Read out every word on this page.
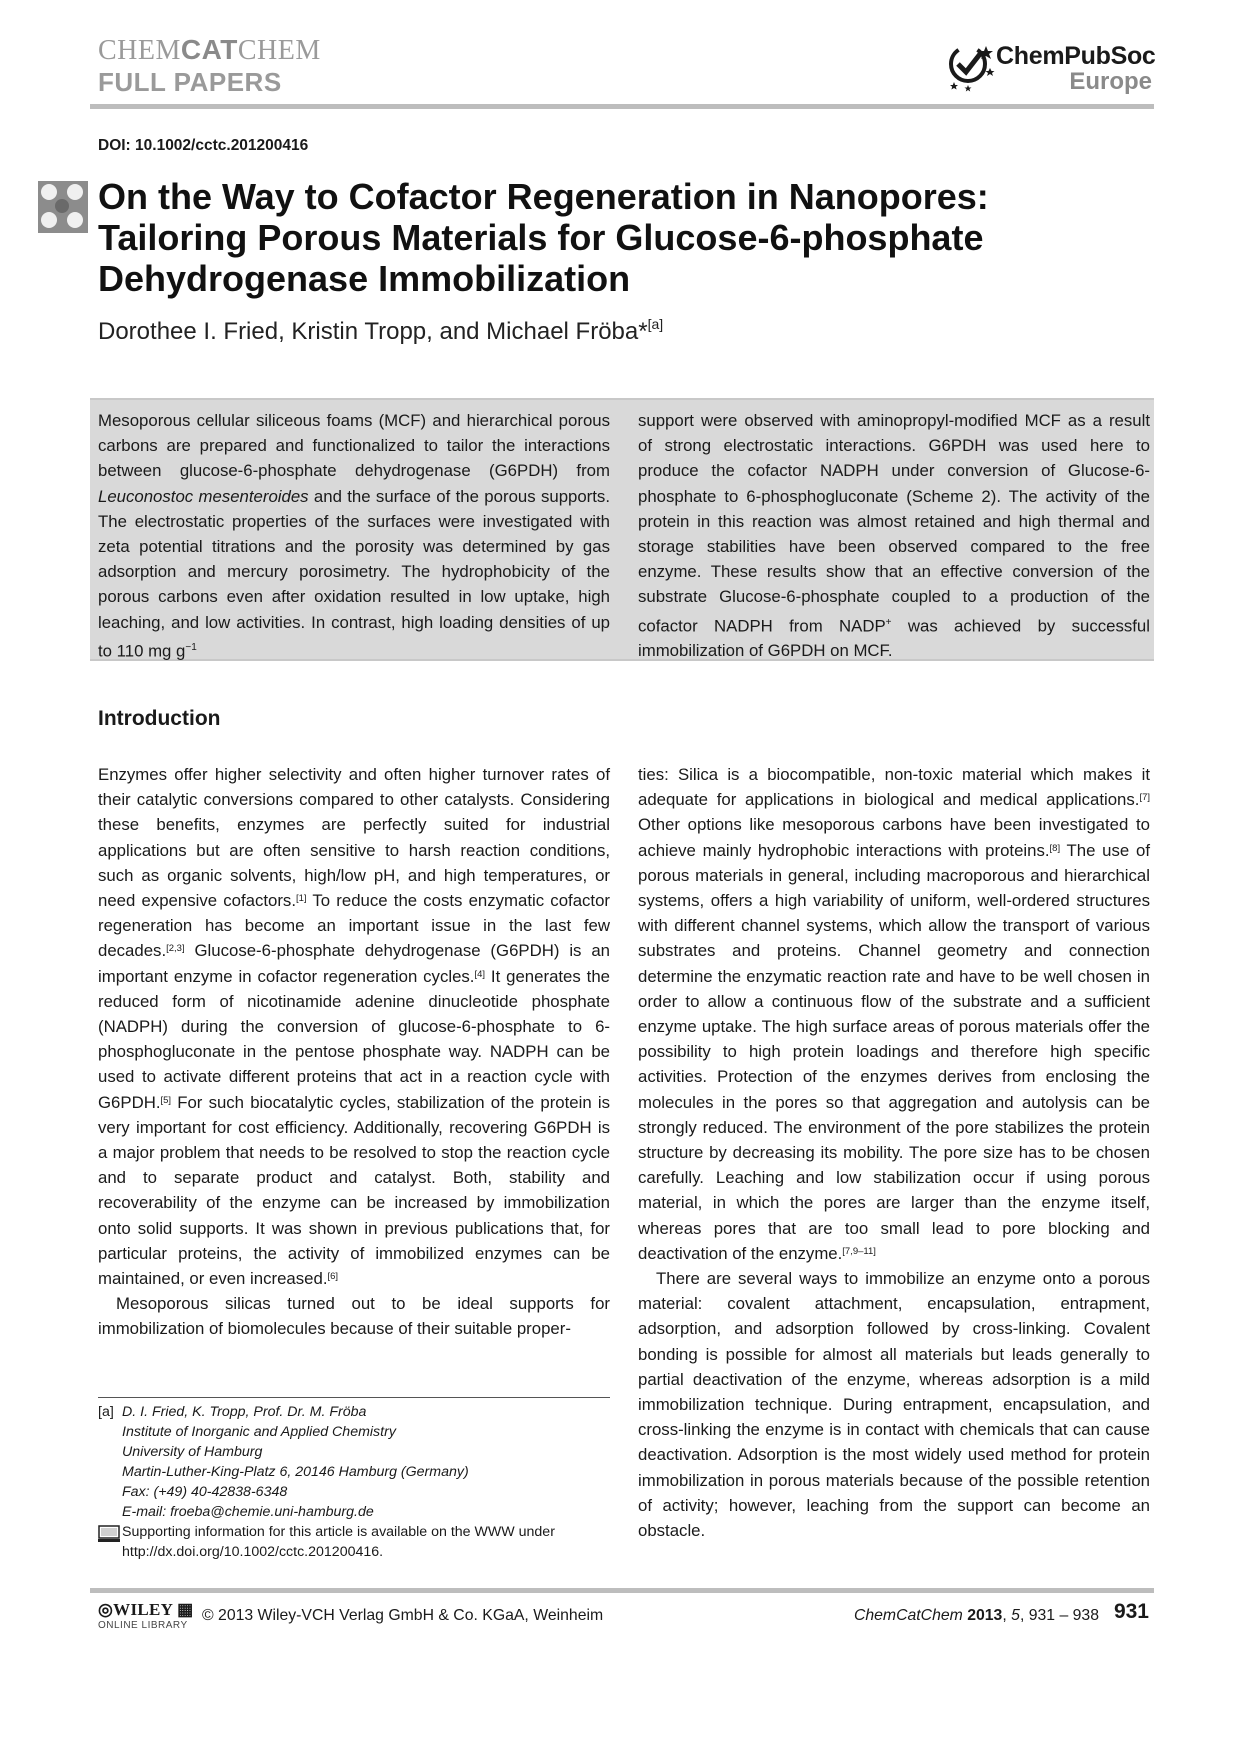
CHEMCATCHEM
FULL PAPERS
ChemPubSoc
Europe
DOI: 10.1002/cctc.201200416
On the Way to Cofactor Regeneration in Nanopores:
Tailoring Porous Materials for Glucose-6-phosphate
Dehydrogenase Immobilization
Dorothee I. Fried, Kristin Tropp, and Michael Fröba*[a]

Mesoporous cellular siliceous foams (MCF) and hierarchical porous carbons are prepared and functionalized to tailor the interactions between glucose-6-phosphate dehydrogenase (G6PDH) from Leuconostoc mesenteroides and the surface of the porous supports. The electrostatic properties of the surfaces were investigated with zeta potential titrations and the porosity was determined by gas adsorption and mercury porosimetry. The hydrophobicity of the porous carbons even after oxidation resulted in low uptake, high leaching, and low activities. In contrast, high loading densities of up to 110 mg $g^{-1}$

support were observed with aminopropyl-modified MCF as a result of strong electrostatic interactions. G6PDH was used here to produce the cofactor NADPH under conversion of Glucose-6-phosphate to 6-phosphogluconate (Scheme 2). The activity of the protein in this reaction was almost retained and high thermal and storage stabilities have been observed compared to the free enzyme. These results show that an effective conversion of the substrate Glucose-6-phosphate coupled to a production of the cofactor NADPH from NADP+ was achieved by successful immobilization of G6PDH on MCF.

Introduction

Enzymes offer higher selectivity and often higher turnover rates of their catalytic conversions compared to other catalysts. Considering these benefits, enzymes are perfectly suited for industrial applications but are often sensitive to harsh reaction conditions, such as organic solvents, high/low pH, and high temperatures, or need expensive cofactors.[1] To reduce the costs enzymatic cofactor regeneration has become an important issue in the last few decades.[2,3] Glucose-6-phosphate dehydrogenase (G6PDH) is an important enzyme in cofactor regeneration cycles.[4] It generates the reduced form of nicotinamide adenine dinucleotide phosphate (NADPH) during the conversion of glucose-6-phosphate to 6-phosphogluconate in the pentose phosphate way. NADPH can be used to activate different proteins that act in a reaction cycle with G6PDH.[5] For such biocatalytic cycles, stabilization of the protein is very important for cost efficiency. Additionally, recovering G6PDH is a major problem that needs to be resolved to stop the reaction cycle and to separate product and catalyst. Both, stability and recoverability of the enzyme can be increased by immobilization onto solid supports. It was shown in previous publications that, for particular proteins, the activity of immobilized enzymes can be maintained, or even increased.[6]

Mesoporous silicas turned out to be ideal supports for immobilization of biomolecules because of their suitable proper-

ties: Silica is a biocompatible, non-toxic material which makes it adequate for applications in biological and medical applications.[7] Other options like mesoporous carbons have been investigated to achieve mainly hydrophobic interactions with proteins.[8] The use of porous materials in general, including macroporous and hierarchical systems, offers a high variability of uniform, well-ordered structures with different channel systems, which allow the transport of various substrates and proteins. Channel geometry and connection determine the enzymatic reaction rate and have to be well chosen in order to allow a continuous flow of the substrate and a sufficient enzyme uptake. The high surface areas of porous materials offer the possibility to high protein loadings and therefore high specific activities. Protection of the enzymes derives from enclosing the molecules in the pores so that aggregation and autolysis can be strongly reduced. The environment of the pore stabilizes the protein structure by decreasing its mobility. The pore size has to be chosen carefully. Leaching and low stabilization occur if using porous material, in which the pores are larger than the enzyme itself, whereas pores that are too small lead to pore blocking and deactivation of the enzyme.[7,9–11]

There are several ways to immobilize an enzyme onto a porous material: covalent attachment, encapsulation, entrapment, adsorption, and adsorption followed by cross-linking. Covalent bonding is possible for almost all materials but leads generally to partial deactivation of the enzyme, whereas adsorption is a mild immobilization technique. During entrapment, encapsulation, and cross-linking the enzyme is in contact with chemicals that can cause deactivation. Adsorption is the most widely used method for protein immobilization in porous materials because of the possible retention of activity; however, leaching from the support can become an obstacle.

[a] D. I. Fried, K. Tropp, Prof. Dr. M. Fröba
Institute of Inorganic and Applied Chemistry
University of Hamburg
Martin-Luther-King-Platz 6, 20146 Hamburg (Germany)
Fax: (+49) 40-42838-6348
E-mail: froeba@chemie.uni-hamburg.de
Supporting information for this article is available on the WWW under http://dx.doi.org/10.1002/cctc.201200416.
◎WILEY ▦
ONLINE LIBRARY
© 2013 Wiley-VCH Verlag GmbH & Co. KGaA, Weinheim	ChemCatChem 2013, 5, 931 – 938 931
